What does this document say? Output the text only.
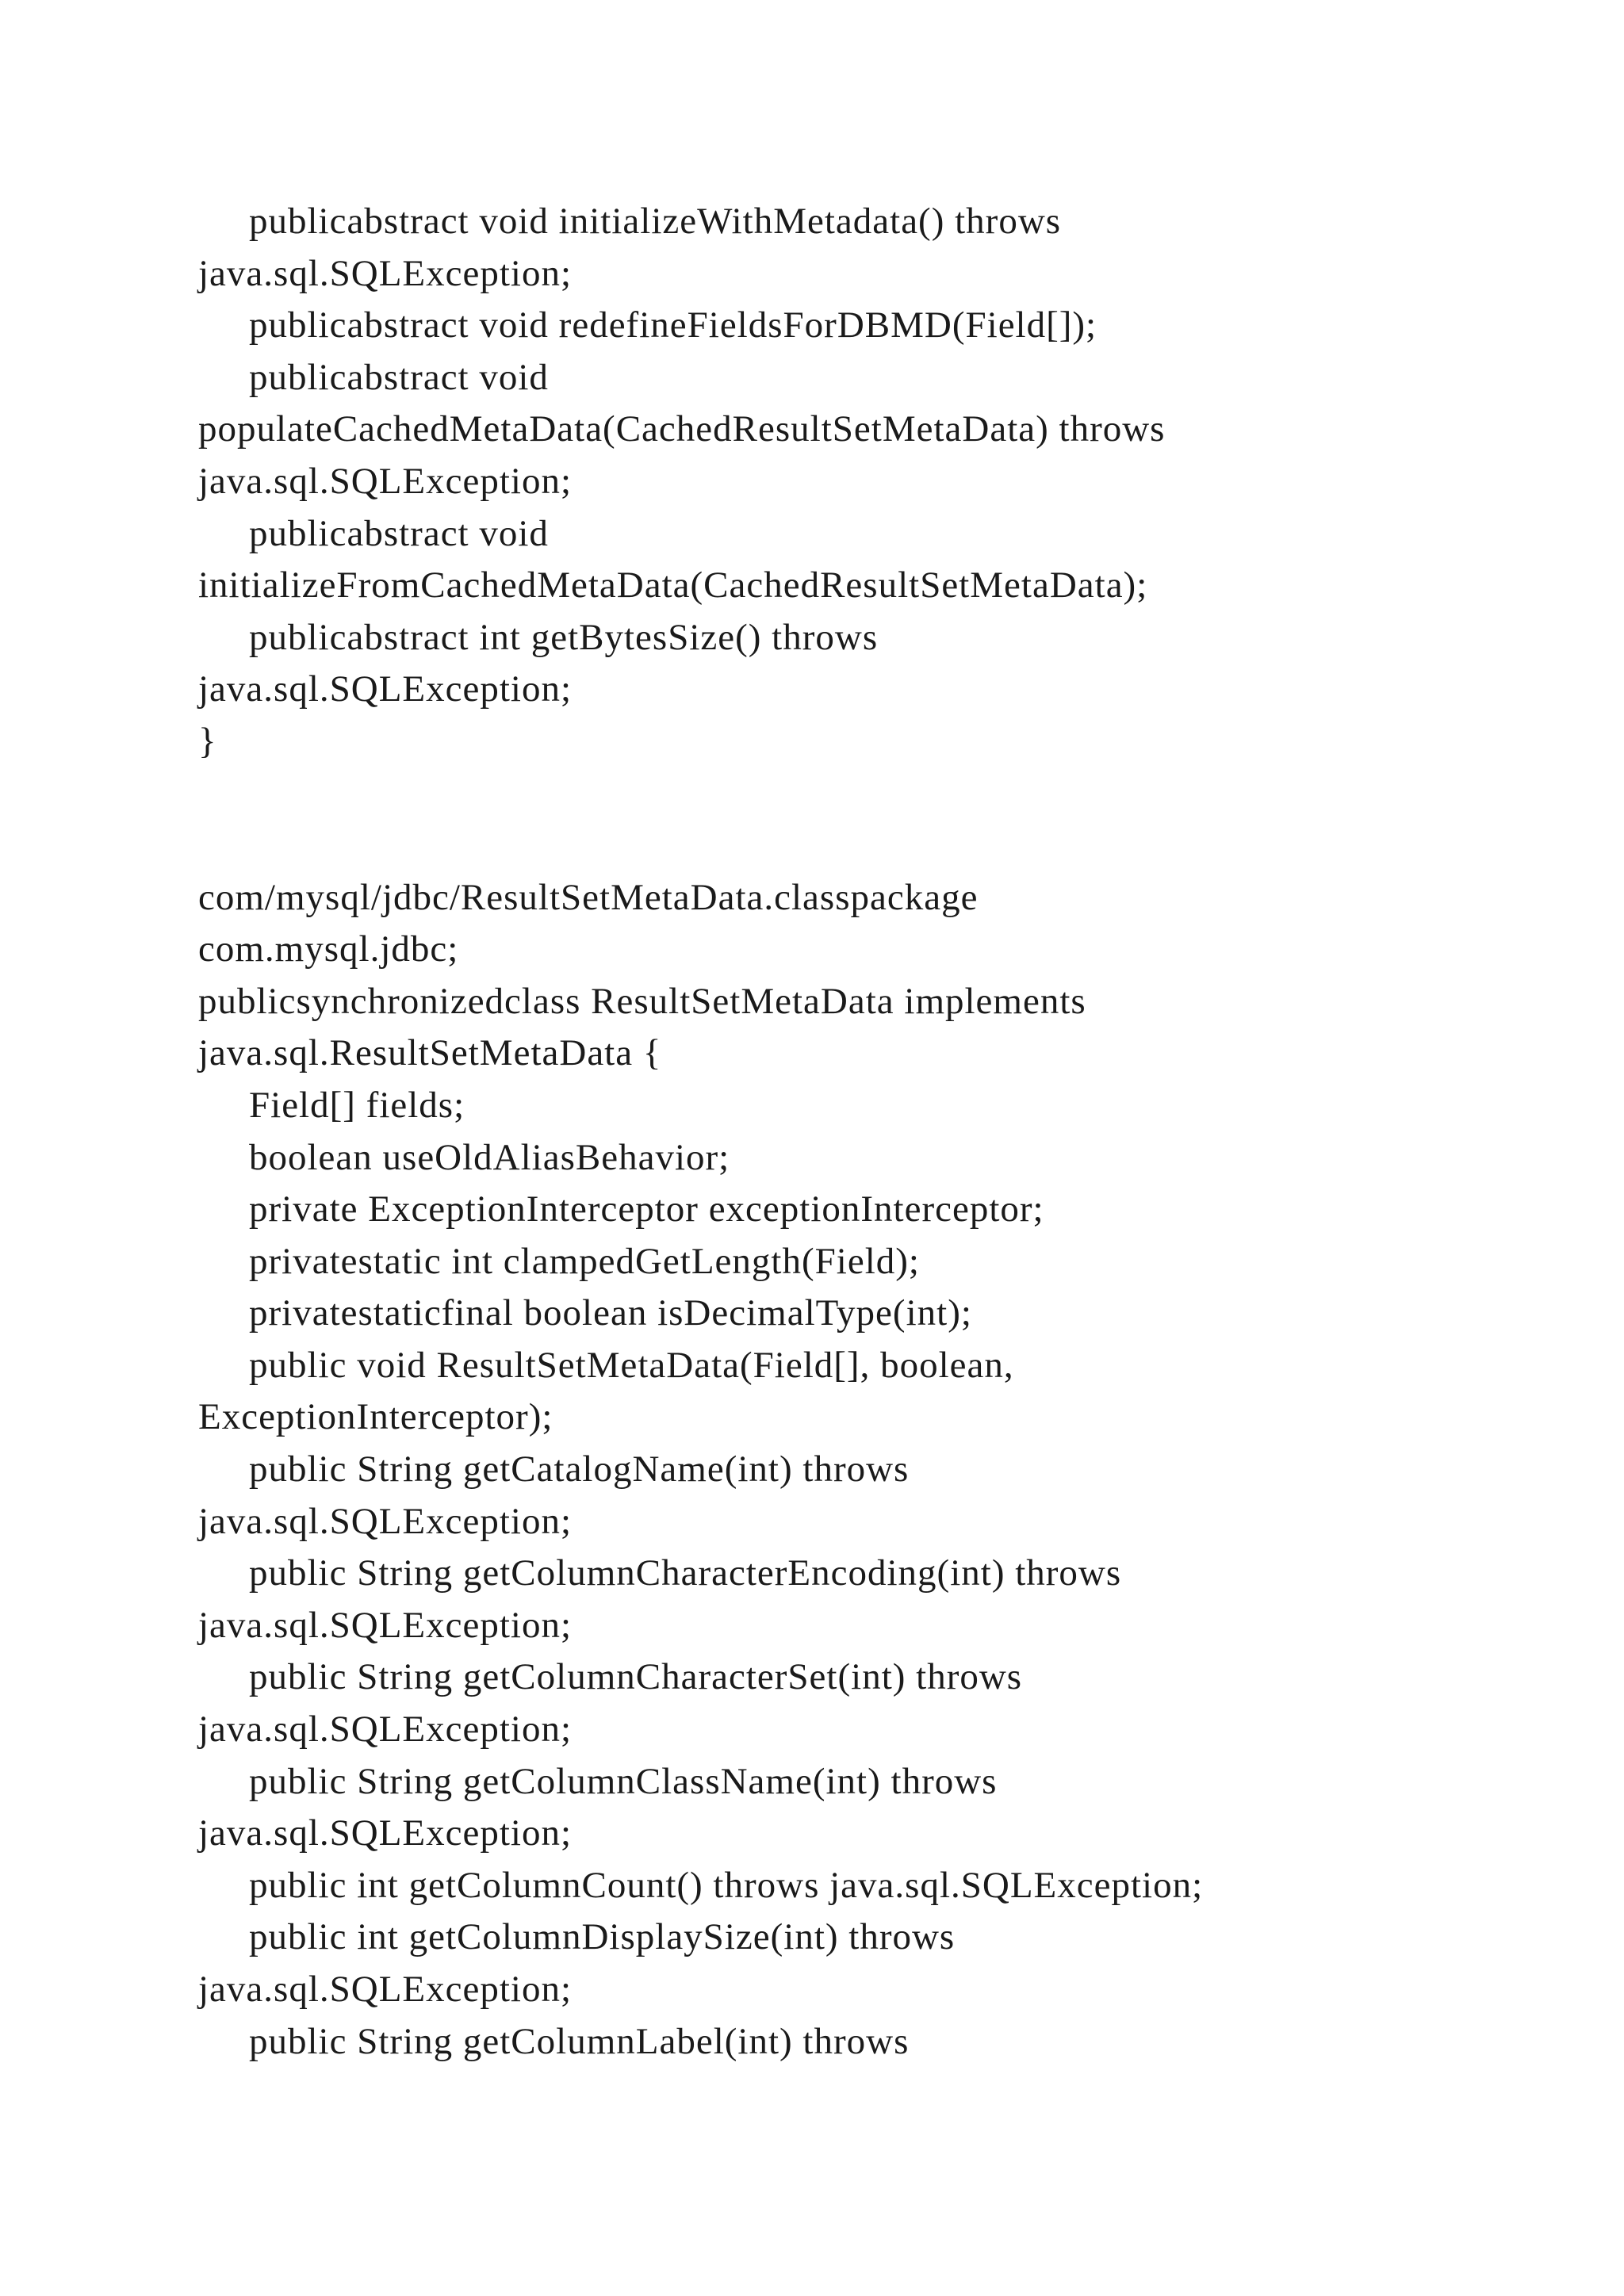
publicabstract void initializeWithMetadata() throws
java.sql.SQLException;
publicabstract void redefineFieldsForDBMD(Field[]);
publicabstract void
populateCachedMetaData(CachedResultSetMetaData) throws
java.sql.SQLException;
publicabstract void
initializeFromCachedMetaData(CachedResultSetMetaData);
publicabstract int getBytesSize() throws
java.sql.SQLException;
}
com/mysql/jdbc/ResultSetMetaData.classpackage
com.mysql.jdbc;
publicsynchronizedclass ResultSetMetaData implements
java.sql.ResultSetMetaData {
Field[] fields;
boolean useOldAliasBehavior;
private ExceptionInterceptor exceptionInterceptor;
privatestatic int clampedGetLength(Field);
privatestaticfinal boolean isDecimalType(int);
public void ResultSetMetaData(Field[], boolean,
ExceptionInterceptor);
public String getCatalogName(int) throws
java.sql.SQLException;
public String getColumnCharacterEncoding(int) throws
java.sql.SQLException;
public String getColumnCharacterSet(int) throws
java.sql.SQLException;
public String getColumnClassName(int) throws
java.sql.SQLException;
public int getColumnCount() throws java.sql.SQLException;
public int getColumnDisplaySize(int) throws
java.sql.SQLException;
public String getColumnLabel(int) throws
